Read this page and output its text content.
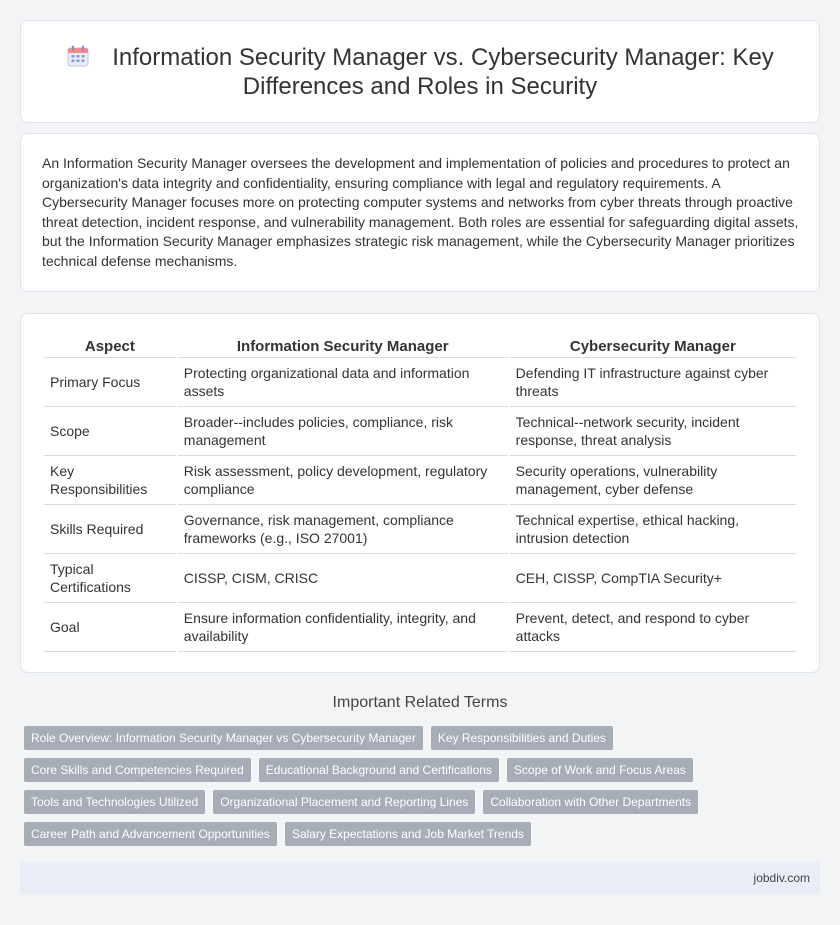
Information Security Manager vs. Cybersecurity Manager: Key Differences and Roles in Security

An Information Security Manager oversees the development and implementation of policies and procedures to protect an organization's data integrity and confidentiality, ensuring compliance with legal and regulatory requirements. A Cybersecurity Manager focuses more on protecting computer systems and networks from cyber threats through proactive threat detection, incident response, and vulnerability management. Both roles are essential for safeguarding digital assets, but the Information Security Manager emphasizes strategic risk management, while the Cybersecurity Manager prioritizes technical defense mechanisms.

Aspect	Information Security Manager	Cybersecurity Manager
Primary Focus	Protecting organizational data and information assets	Defending IT infrastructure against cyber threats
Scope	Broader--includes policies, compliance, risk management	Technical--network security, incident response, threat analysis
Key Responsibilities	Risk assessment, policy development, regulatory compliance	Security operations, vulnerability management, cyber defense
Skills Required	Governance, risk management, compliance frameworks (e.g., ISO 27001)	Technical expertise, ethical hacking, intrusion detection
Typical Certifications	CISSP, CISM, CRISC	CEH, CISSP, CompTIA Security+
Goal	Ensure information confidentiality, integrity, and availability	Prevent, detect, and respond to cyber attacks
Important Related Terms
Role Overview: Information Security Manager vs Cybersecurity Manager	Key Responsibilities and Duties
Core Skills and Competencies Required	Educational Background and Certifications	Scope of Work and Focus Areas
Tools and Technologies Utilized	Organizational Placement and Reporting Lines	Collaboration with Other Departments
Career Path and Advancement Opportunities	Salary Expectations and Job Market Trends
jobdiv.com
